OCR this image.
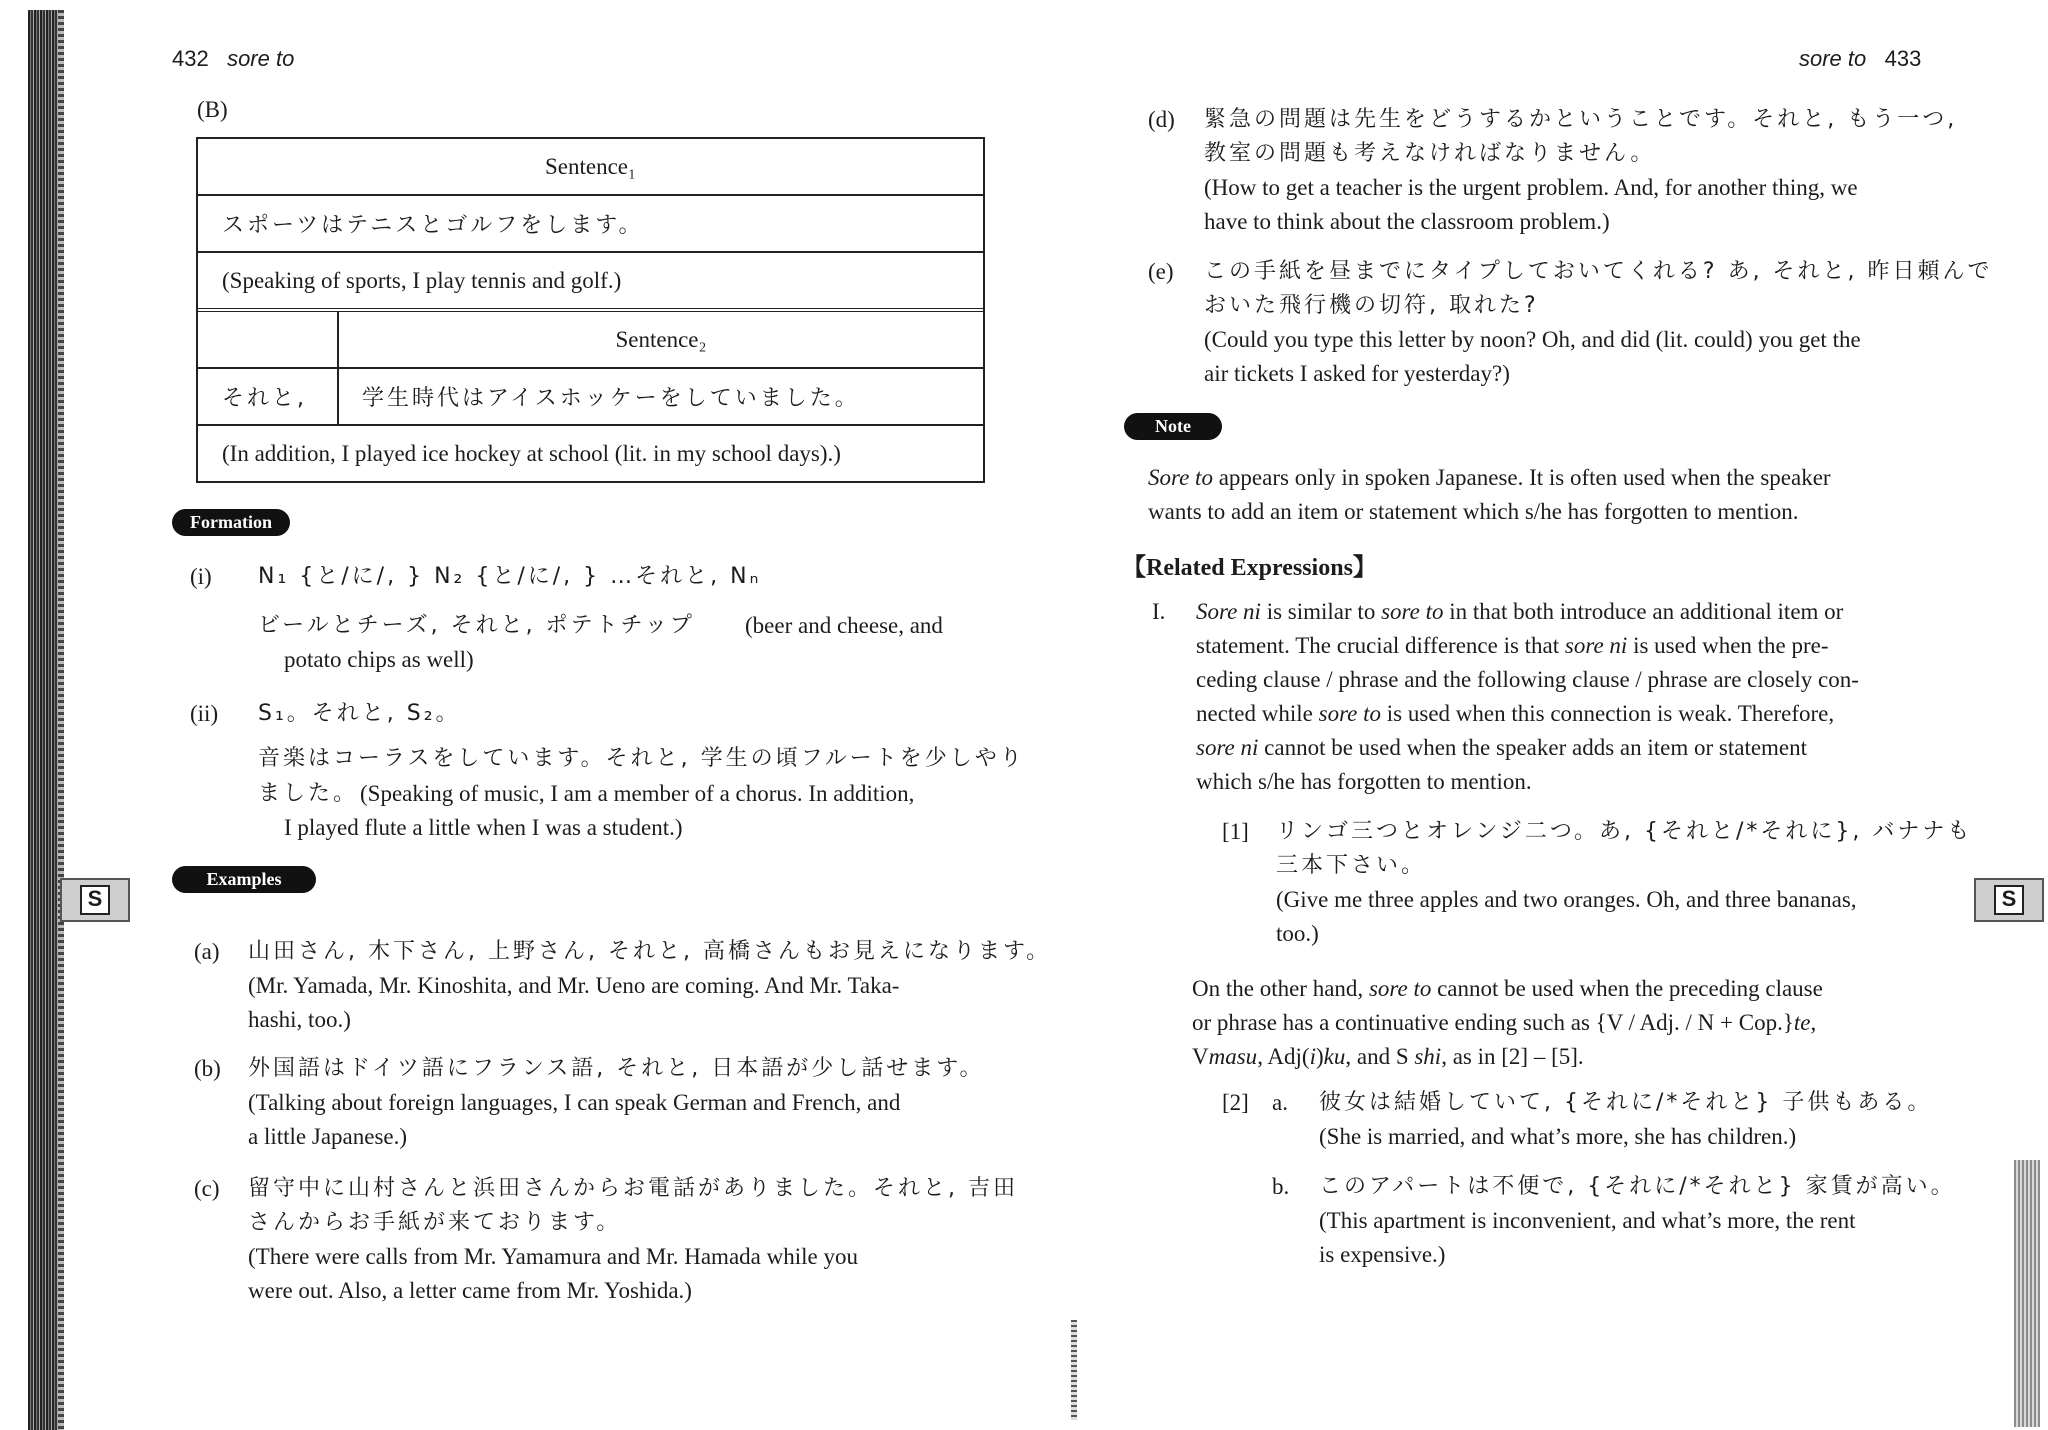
432 sore to
(B)
Sentence₁
スポーツはテニスとゴルフをします。
(Speaking of sports, I play tennis and golf.)
Sentence₂
それと,	学生時代はアイスホッケーをしていました。
(In addition, I played ice hockey at school (lit. in my school days).)
Formation
(i) N₁ {と/に/, } N₂ {と/に/, } …それと, Nₙ
ビールとチーズ, それと, ポテトチップ (beer and cheese, and
potato chips as well)
(ii) S₁。それと, S₂。
音楽はコーラスをしています。それと, 学生の頃フルートを少しやり
ました。 (Speaking of music, I am a member of a chorus. In addition,
I played flute a little when I was a student.)
Examples
S
(a) 山田さん, 木下さん, 上野さん, それと, 高橋さんもお見えになります。
(Mr. Yamada, Mr. Kinoshita, and Mr. Ueno are coming. And Mr. Taka-
hashi, too.)
(b) 外国語はドイツ語にフランス語, それと, 日本語が少し話せます。
(Talking about foreign languages, I can speak German and French, and
a little Japanese.)
(c) 留守中に山村さんと浜田さんからお電話がありました。それと, 吉田
さんからお手紙が来ております。
(There were calls from Mr. Yamamura and Mr. Hamada while you
were out. Also, a letter came from Mr. Yoshida.)
sore to 433
(d) 緊急の問題は先生をどうするかということです。それと, もう一つ,
教室の問題も考えなければなりません。
(How to get a teacher is the urgent problem. And, for another thing, we
have to think about the classroom problem.)
(e) この手紙を昼までにタイプしておいてくれる? あ, それと, 昨日頼んで
おいた飛行機の切符, 取れた?
(Could you type this letter by noon? Oh, and did (lit. could) you get the
air tickets I asked for yesterday?)
Note
Sore to appears only in spoken Japanese. It is often used when the speaker
wants to add an item or statement which s/he has forgotten to mention.
【Related Expressions】
I. Sore ni is similar to sore to in that both introduce an additional item or
statement. The crucial difference is that sore ni is used when the pre-
ceding clause / phrase and the following clause / phrase are closely con-
nected while sore to is used when this connection is weak. Therefore,
sore ni cannot be used when the speaker adds an item or statement
which s/he has forgotten to mention.
[1] リンゴ三つとオレンジ二つ。あ, {それと/*それに}, バナナも
三本下さい。
(Give me three apples and two oranges. Oh, and three bananas,
too.)
On the other hand, sore to cannot be used when the preceding clause
or phrase has a continuative ending such as {V / Adj. / N + Cop.}te,
Vmasu, Adj(i)ku, and S shi, as in [2] – [5].
[2] a. 彼女は結婚していて, {それに/*それと} 子供もある。
(She is married, and what’s more, she has children.)
b. このアパートは不便で, {それに/*それと} 家賃が高い。
(This apartment is inconvenient, and what’s more, the rent
is expensive.)
S
